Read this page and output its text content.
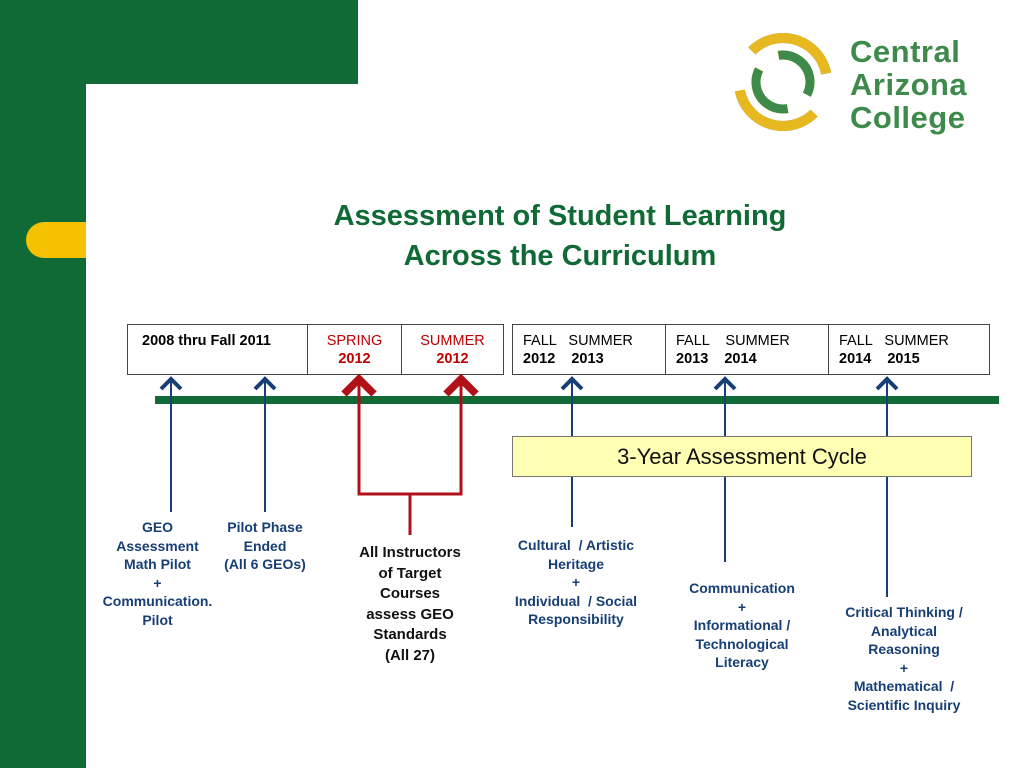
Central
Arizona
College
Assessment of Student Learning
Across the Curriculum
2008 thru Fall 2011	SPRING
2012
SUMMER
2012
FALL   SUMMER
2012    2013
FALL    SUMMER
2013    2014
FALL   SUMMER
2014    2015
3-Year Assessment Cycle
GEO
Assessment
Math Pilot
+
Communication.
Pilot
Pilot Phase
Ended
(All 6 GEOs)
All Instructors
of Target
Courses
assess GEO
Standards
(All 27)
Cultural  / Artistic
Heritage
+
Individual  / Social
Responsibility
Communication
+
Informational /
Technological
Literacy
Critical Thinking /
Analytical
Reasoning
+
Mathematical  /
Scientific Inquiry
